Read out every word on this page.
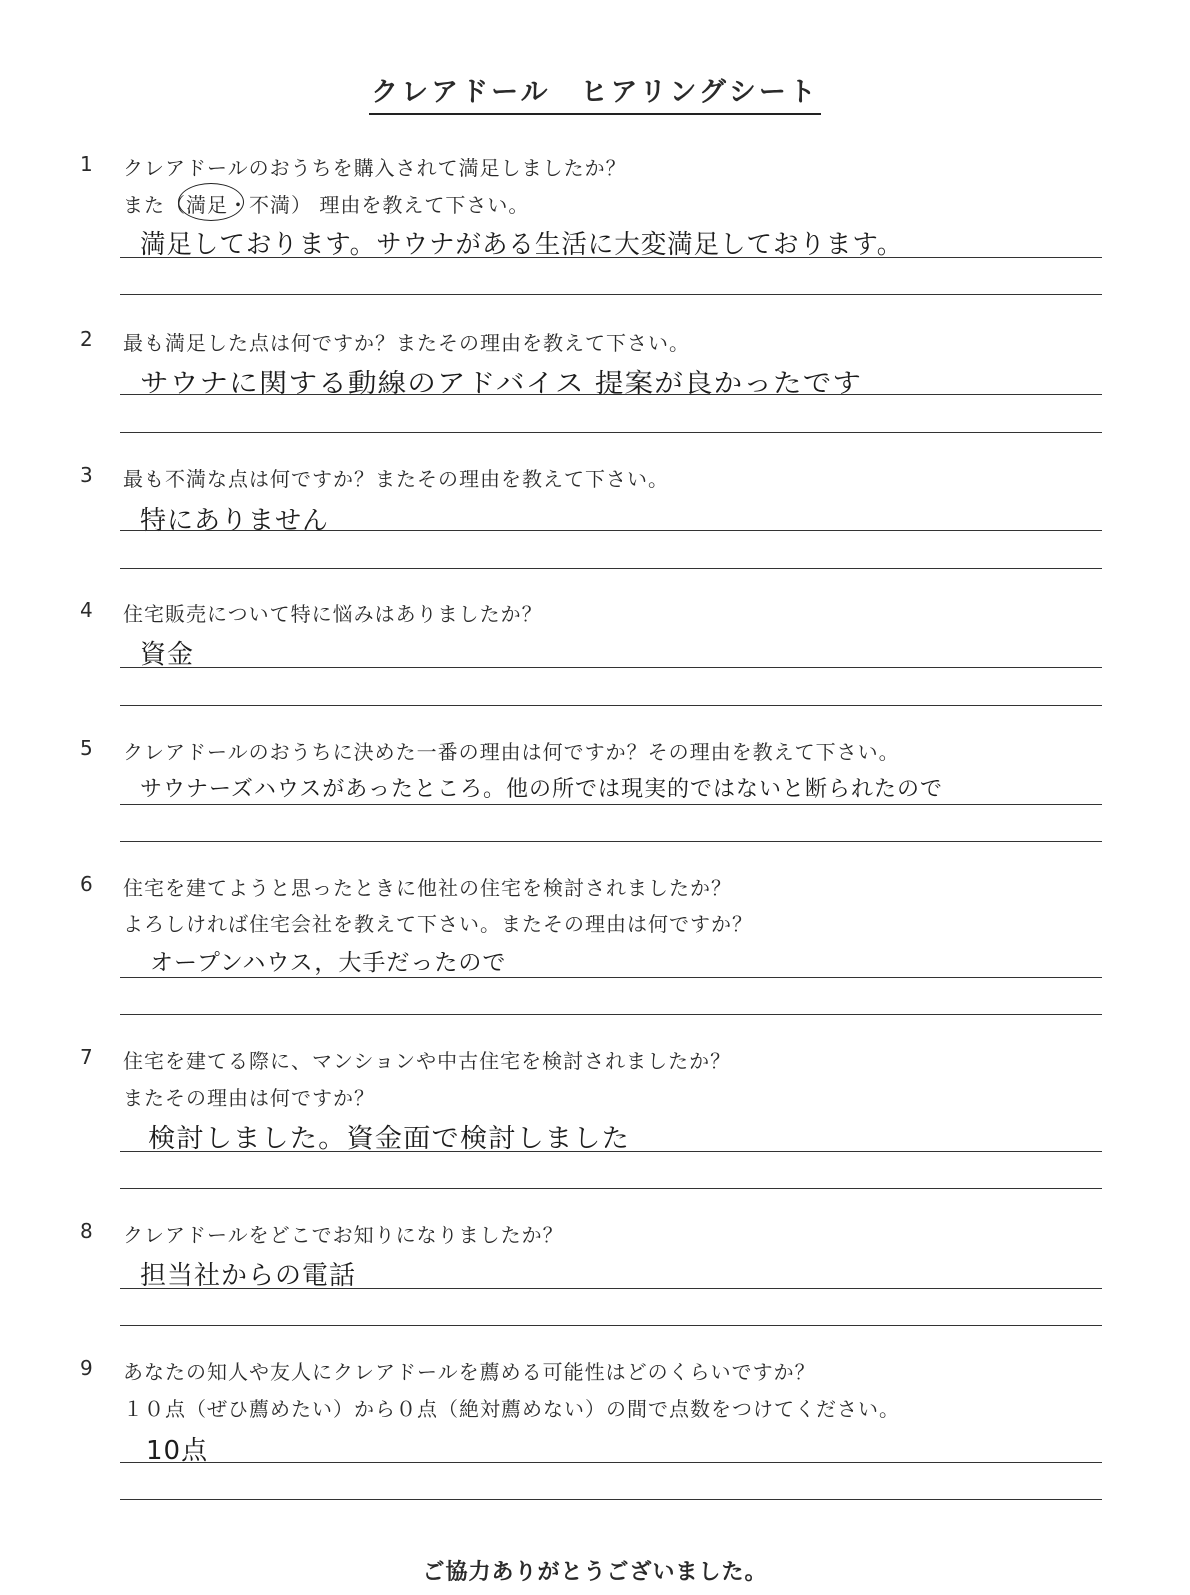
クレアドール　ヒアリングシート
1 クレアドールのおうちを購入されて満足しましたか？
また（満足・不満） 理由を教えて下さい。
満足しております。サウナがある生活に大変満足しております。
2 最も満足した点は何ですか？またその理由を教えて下さい。
サウナに関する動線のアドバイス 提案が良かったです
3 最も不満な点は何ですか？またその理由を教えて下さい。
特にありません
4 住宅販売について特に悩みはありましたか？
資金
5 クレアドールのおうちに決めた一番の理由は何ですか？その理由を教えて下さい。
サウナーズハウスがあったところ。他の所では現実的ではないと断られたので
6 住宅を建てようと思ったときに他社の住宅を検討されましたか？
よろしければ住宅会社を教えて下さい。またその理由は何ですか？
オープンハウス，大手だったので
7 住宅を建てる際に、マンションや中古住宅を検討されましたか？
またその理由は何ですか？
検討しました。資金面で検討しました
8 クレアドールをどこでお知りになりましたか？
担当社からの電話
9 あなたの知人や友人にクレアドールを薦める可能性はどのくらいですか？
１０点（ぜひ薦めたい）から０点（絶対薦めない）の間で点数をつけてください。
10点
ご協力ありがとうございました。
